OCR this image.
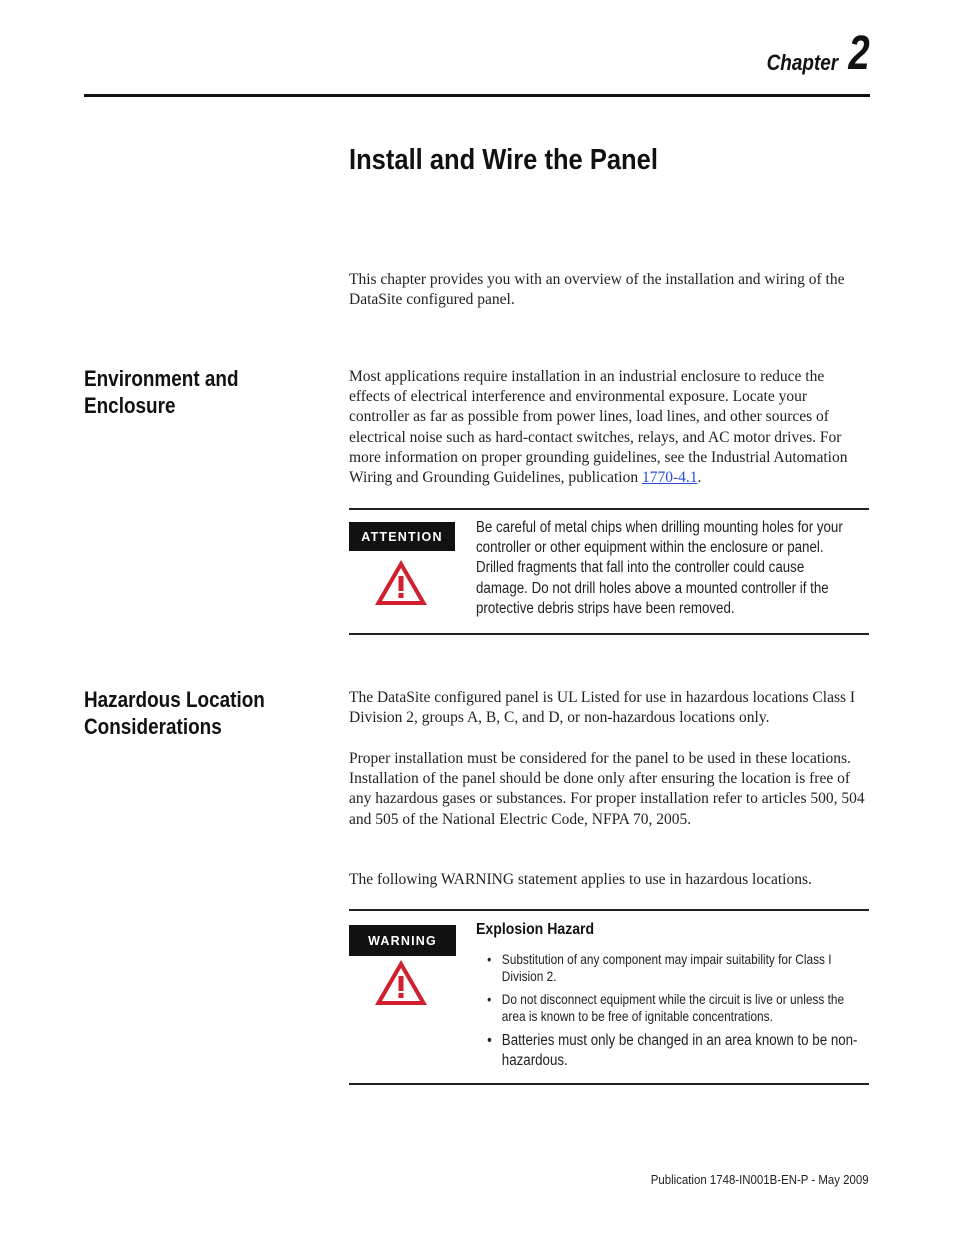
Chapter 2
Install and Wire the Panel

This chapter provides you with an overview of the installation and wiring of the DataSite configured panel.

Environment and Enclosure

Most applications require installation in an industrial enclosure to reduce the effects of electrical interference and environmental exposure. Locate your controller as far as possible from power lines, load lines, and other sources of electrical noise such as hard-contact switches, relays, and AC motor drives. For more information on proper grounding guidelines, see the Industrial Automation Wiring and Grounding Guidelines, publication 1770-4.1.

ATTENTION
Be careful of metal chips when drilling mounting holes for your controller or other equipment within the enclosure or panel. Drilled fragments that fall into the controller could cause damage. Do not drill holes above a mounted controller if the protective debris strips have been removed.
Hazardous Location
Considerations

The DataSite configured panel is UL Listed for use in hazardous locations Class I Division 2, groups A, B, C, and D, or non-hazardous locations only.

Proper installation must be considered for the panel to be used in these locations. Installation of the panel should be done only after ensuring the location is free of any hazardous gases or substances. For proper installation refer to articles 500, 504 and 505 of the National Electric Code, NFPA 70, 2005.

The following WARNING statement applies to use in hazardous locations.

WARNING
Explosion Hazard
• Substitution of any component may impair suitability for Class I Division 2.
• Do not disconnect equipment while the circuit is live or unless the area is known to be free of ignitable concentrations.
• Batteries must only be changed in an area known to be non-hazardous.
Publication 1748-IN001B-EN-P - May 2009
